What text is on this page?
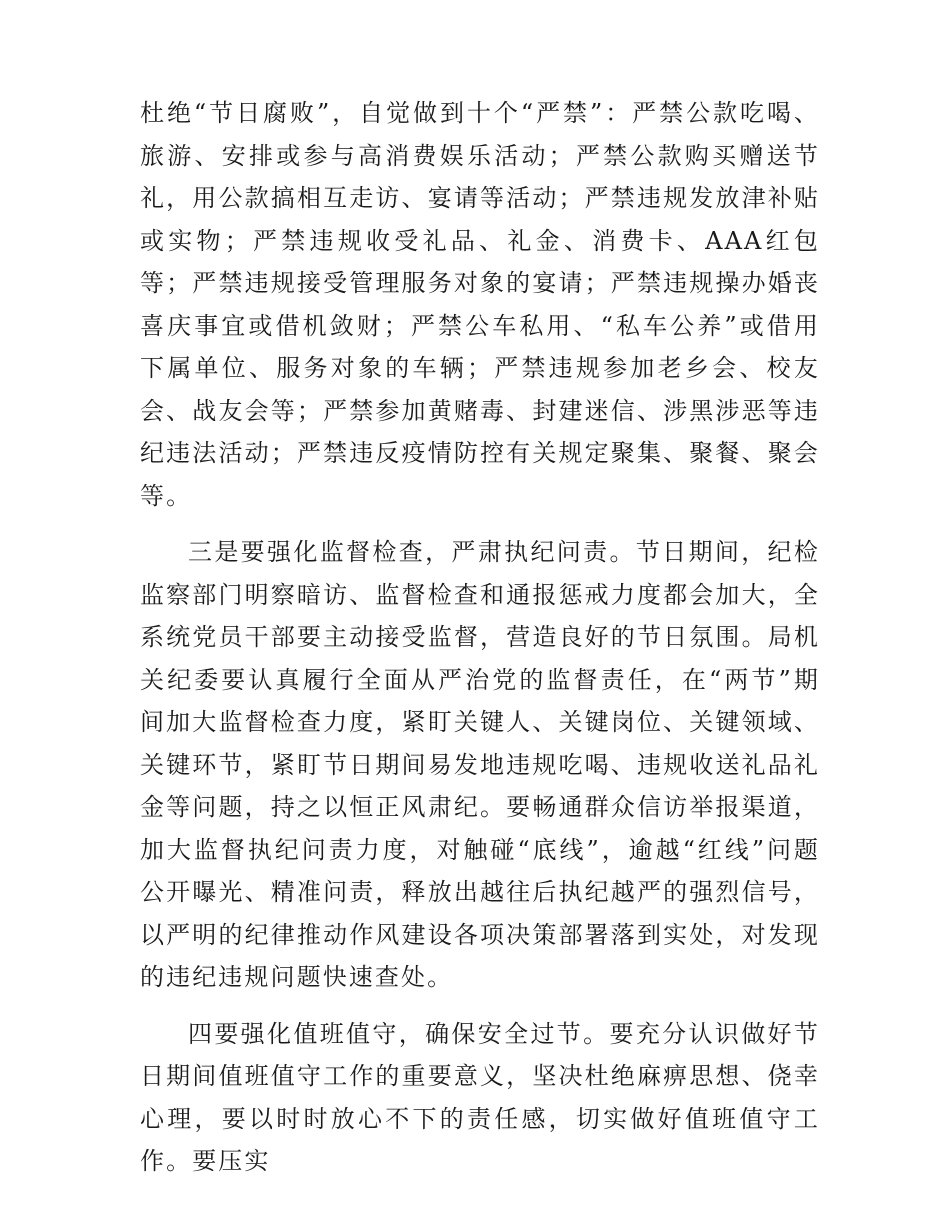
杜绝“节日腐败”，自觉做到十个“严禁”：严禁公款吃喝、旅游、安排或参与高消费娱乐活动；严禁公款购买赠送节礼，用公款搞相互走访、宴请等活动；严禁违规发放津补贴或实物；严禁违规收受礼品、礼金、消费卡、AAA红包等；严禁违规接受管理服务对象的宴请；严禁违规操办婚丧喜庆事宜或借机敛财；严禁公车私用、“私车公养”或借用下属单位、服务对象的车辆；严禁违规参加老乡会、校友会、战友会等；严禁参加黄赌毒、封建迷信、涉黑涉恶等违纪违法活动；严禁违反疫情防控有关规定聚集、聚餐、聚会等。

三是要强化监督检查，严肃执纪问责。节日期间，纪检监察部门明察暗访、监督检查和通报惩戒力度都会加大，全系统党员干部要主动接受监督，营造良好的节日氛围。局机关纪委要认真履行全面从严治党的监督责任，在“两节”期间加大监督检查力度，紧盯关键人、关键岗位、关键领域、关键环节，紧盯节日期间易发地违规吃喝、违规收送礼品礼金等问题，持之以恒正风肃纪。要畅通群众信访举报渠道，加大监督执纪问责力度，对触碰“底线”，逾越“红线”问题公开曝光、精准问责，释放出越往后执纪越严的强烈信号，以严明的纪律推动作风建设各项决策部署落到实处，对发现的违纪违规问题快速查处。

四要强化值班值守，确保安全过节。要充分认识做好节日期间值班值守工作的重要意义，坚决杜绝麻痹思想、侥幸心理，要以时时放心不下的责任感，切实做好值班值守工作。要压实
